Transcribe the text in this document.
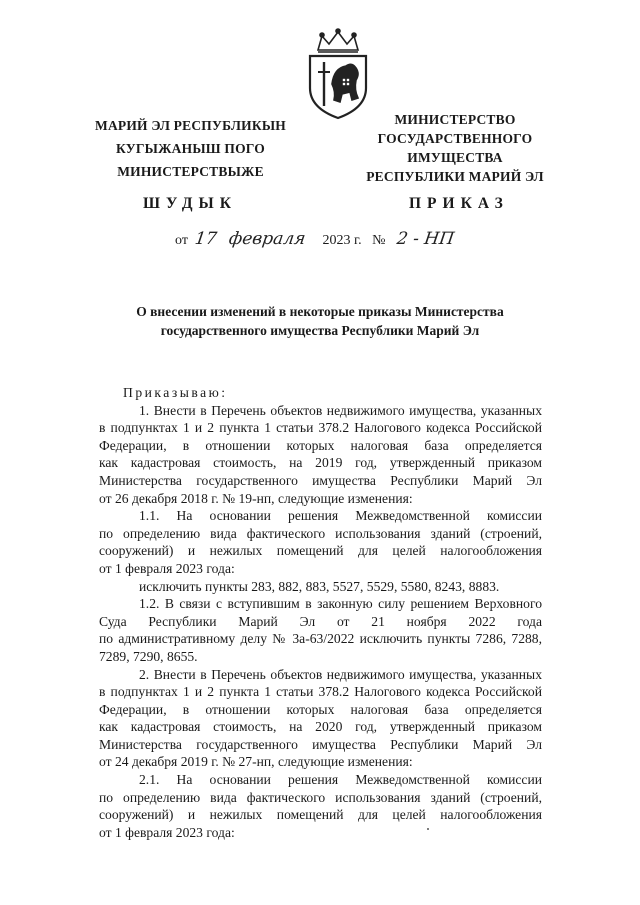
МАРИЙ ЭЛ РЕСПУБЛИКЫН
КУГЫЖАНЫШ ПОГО
МИНИСТЕРСТВЫЖЕ
МИНИСТЕРСТВО
ГОСУДАРСТВЕННОГО
ИМУЩЕСТВА
РЕСПУБЛИКИ МАРИЙ ЭЛ
ШУДЫК	ПРИКАЗ
от 17 февраля 2023 г. № 2 - НП
О внесении изменений в некоторые приказы Министерства
государственного имущества Республики Марий Эл

Приказываю:

1. Внести в Перечень объектов недвижимого имущества, указанных

в подпунктах 1 и 2 пункта 1 статьи 378.2 Налогового кодекса Российской

Федерации, в отношении которых налоговая база определяется

как кадастровая стоимость, на 2019 год, утвержденный приказом

Министерства государственного имущества Республики Марий Эл

от 26 декабря 2018 г. № 19-нп, следующие изменения:

1.1. На основании решения Межведомственной комиссии

по определению вида фактического использования зданий (строений,

сооружений) и нежилых помещений для целей налогообложения

от 1 февраля 2023 года:

исключить пункты 283, 882, 883, 5527, 5529, 5580, 8243, 8883.

1.2. В связи с вступившим в законную силу решением Верховного

Суда Республики Марий Эл от 21 ноября 2022 года

по административному делу № 3а-63/2022 исключить пункты 7286, 7288,

7289, 7290, 8655.

2. Внести в Перечень объектов недвижимого имущества, указанных

в подпунктах 1 и 2 пункта 1 статьи 378.2 Налогового кодекса Российской

Федерации, в отношении которых налоговая база определяется

как кадастровая стоимость, на 2020 год, утвержденный приказом

Министерства государственного имущества Республики Марий Эл

от 24 декабря 2019 г. № 27-нп, следующие изменения:

2.1. На основании решения Межведомственной комиссии

по определению вида фактического использования зданий (строений,

сооружений) и нежилых помещений для целей налогообложения

от 1 февраля 2023 года:
